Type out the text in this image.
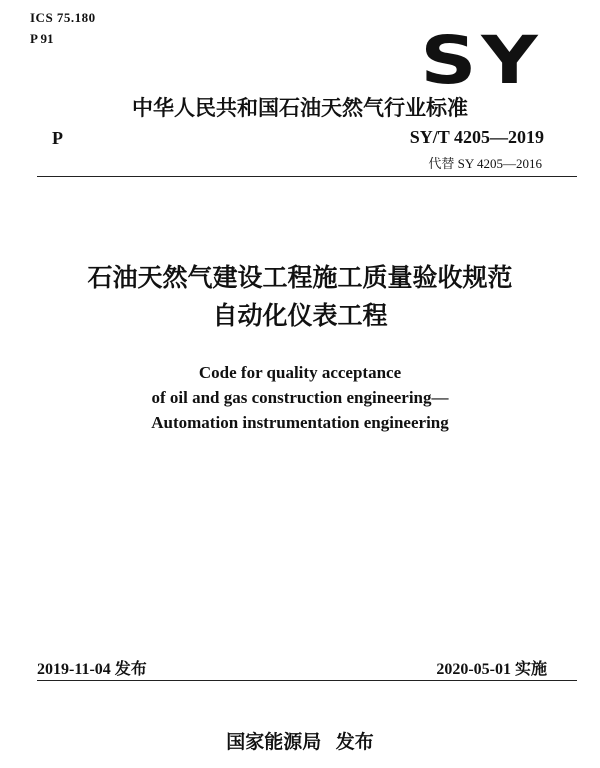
ICS 75.180
P 91	SY
中华人民共和国石油天然气行业标准
P	SY/T 4205—2019
代替 SY 4205—2016
石油天然气建设工程施工质量验收规范
自动化仪表工程
Code for quality acceptance
of oil and gas construction engineering—
Automation instrumentation engineering
2019-11-04 发布	2020-05-01 实施
国家能源局 发布
